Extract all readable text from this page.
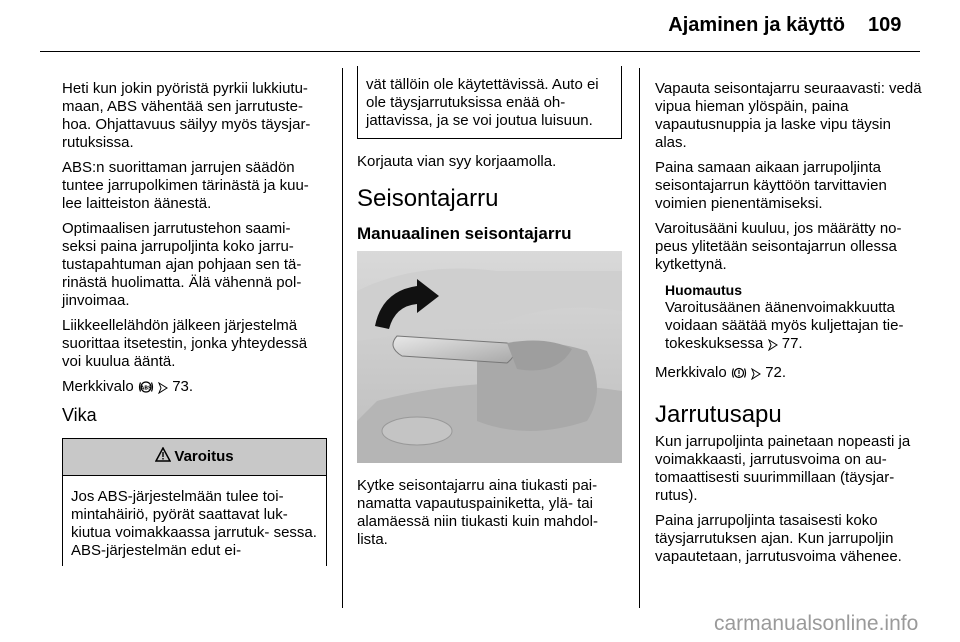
Ajaminen ja käyttö 109

Heti kun jokin pyöristä pyrkii lukkiutu- maan, ABS vähentää sen jarrutuste- hoa. Ohjattavuus säilyy myös täysjar- rutuksissa.

ABS:n suorittaman jarrujen säädön tuntee jarrupolkimen tärinästä ja kuu- lee laitteiston äänestä.

Optimaalisen jarrutustehon saami- seksi paina jarrupoljinta koko jarru- tustapahtuman ajan pohjaan sen tä- rinästä huolimatta. Älä vähennä pol- jinvoimaa.

Liikkeellelähdön jälkeen järjestelmä suorittaa itsetestin, jonka yhteydessä voi kuulua ääntä.

Merkkivalo ABS 73.

Vika
Varoitus
Jos ABS-järjestelmään tulee toi- mintahäiriö, pyörät saattavat luk- kiutua voimakkaassa jarrutuk- sessa. ABS-järjestelmän edut ei-
vät tällöin ole käytettävissä. Auto ei ole täysjarrutuksissa enää oh- jattavissa, ja se voi joutua luisuun.

Korjauta vian syy korjaamolla.

Seisontajarru
Manuaalinen seisontajarru

Kytke seisontajarru aina tiukasti pai- namatta vapautuspainiketta, ylä- tai alamäessä niin tiukasti kuin mahdol- lista.

Vapauta seisontajarru seuraavasti: vedä vipua hieman ylöspäin, paina vapautusnuppia ja laske vipu täysin alas.

Paina samaan aikaan jarrupoljinta seisontajarrun käyttöön tarvittavien voimien pienentämiseksi.

Varoitusääni kuuluu, jos määrätty no- peus ylitetään seisontajarrun ollessa kytkettynä.

Huomautus
Varoitusäänen äänenvoimakkuutta voidaan säätää myös kuljettajan tie- tokeskuksessa 77.

Merkkivalo	72.

Jarrutusapu

Kun jarrupoljinta painetaan nopeasti ja voimakkaasti, jarrutusvoima on au- tomaattisesti suurimmillaan (täysjar- rutus).

Paina jarrupoljinta tasaisesti koko täysjarrutuksen ajan. Kun jarrupoljin vapautetaan, jarrutusvoima vähenee.

carmanualsonline.info
